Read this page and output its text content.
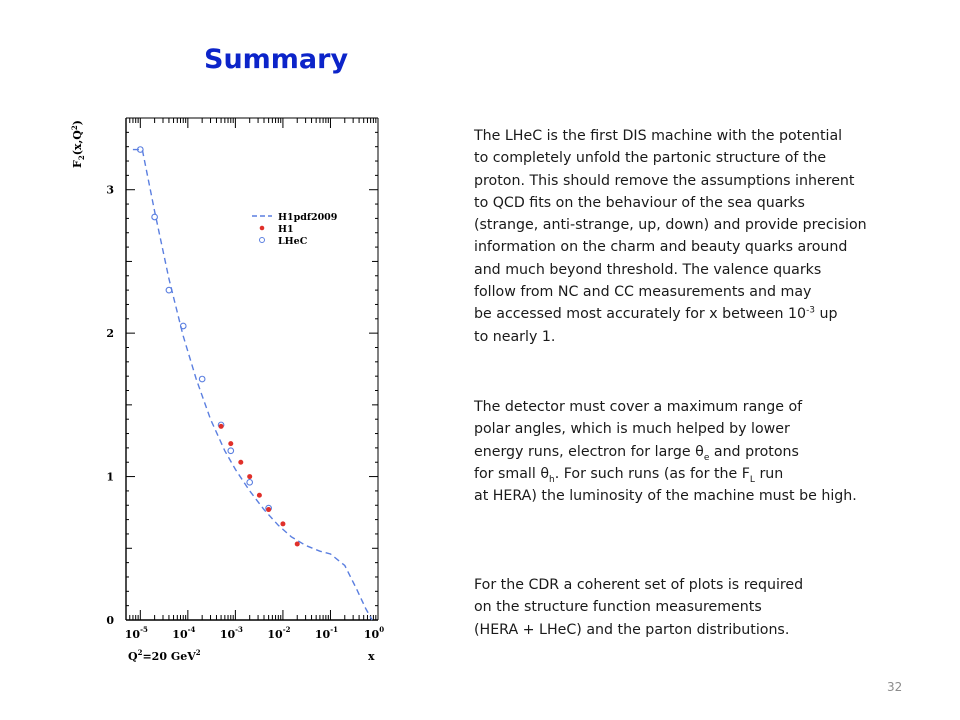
Summary
0
1
2
3
$10^{-5}$ $10^{-4}$ $10^{-3}$ $10^{-2}$ $10^{-1}$ $10^0$
H1pdf2009
H1
LHeC
$F_2(x,Q^2)$
x
$Q^2=20$ GeV$^2$
The LHeC is the first DIS machine with the potential
to completely unfold the partonic structure of the
proton. This should remove the assumptions inherent
to QCD fits on the behaviour of the sea quarks
(strange, anti-strange, up, down) and provide precision
information on the charm and beauty quarks around
and much beyond threshold. The valence quarks
follow from NC and CC measurements and may
be accessed most accurately for x between $10^{-3}$ up
to nearly 1.
The detector must cover a maximum range of
polar angles, which is much helped by lower
energy runs, electron for large $\theta_e$ and protons
for small $\theta_h$. For such runs (as for the $F_L$ run
at HERA) the luminosity of the machine must be high.
For the CDR a coherent set of plots is required
on the structure function measurements
(HERA + LHeC) and the parton distributions.
32
